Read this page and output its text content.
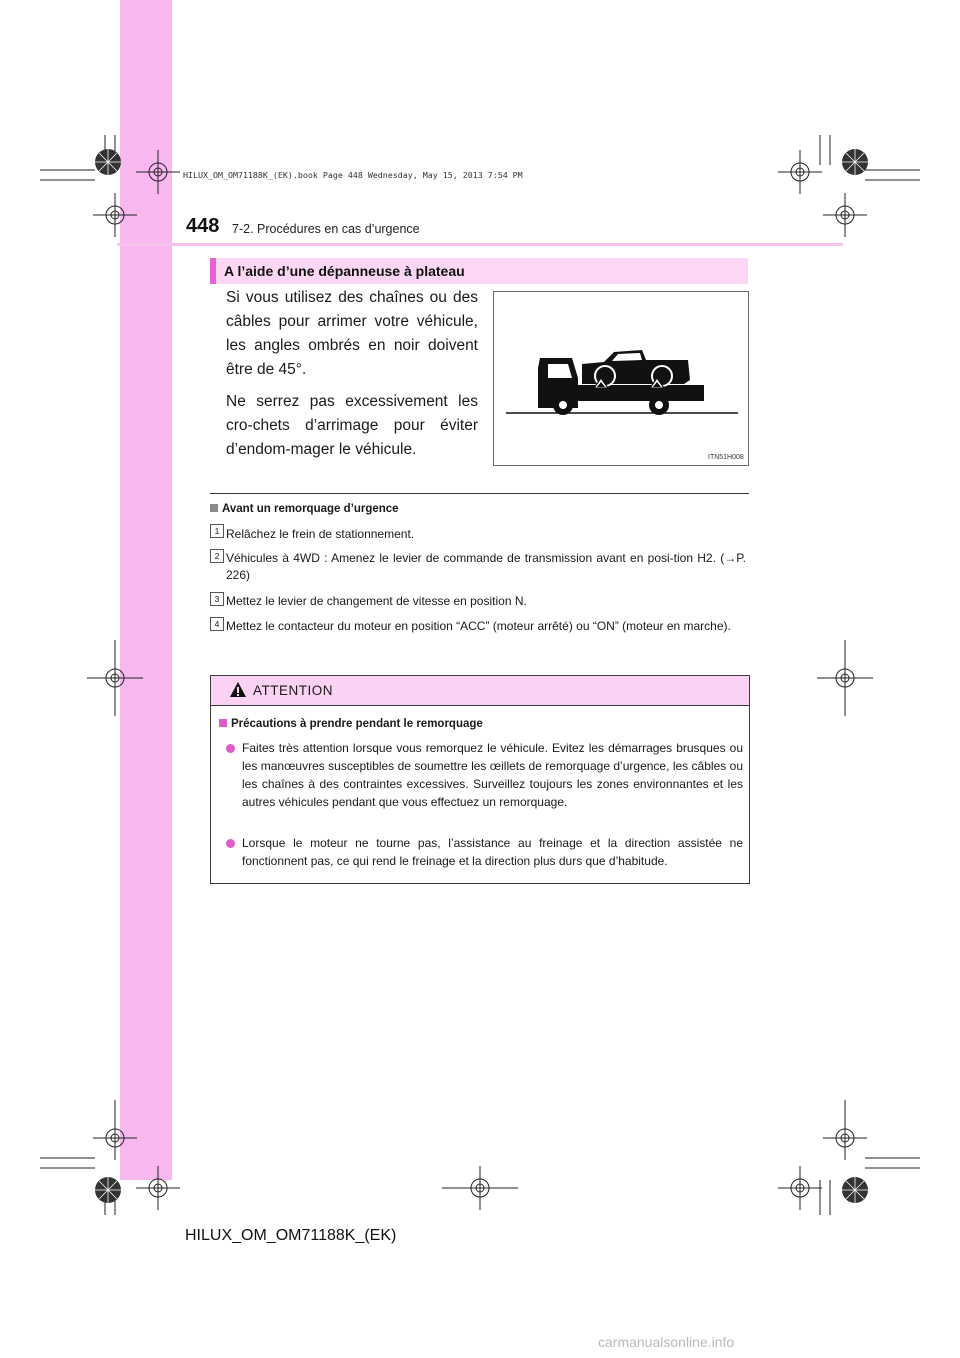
HILUX_OM_OM71188K_(EK).book Page 448 Wednesday, May 15, 2013 7:54 PM
448 7-2. Procédures en cas d’urgence
A l’aide d’une dépanneuse à plateau

Si vous utilisez des chaînes ou des câbles pour arrimer votre véhicule, les angles ombrés en noir doivent être de 45°.

Ne serrez pas excessivement les cro-chets d’arrimage pour éviter d’endom-mager le véhicule.	ITN51H008
Avant un remorquage d’urgence
1 Relâchez le frein de stationnement.
2 Véhicules à 4WD : Amenez le levier de commande de transmission avant en posi-tion H2. (→P. 226)
3 Mettez le levier de changement de vitesse en position N.
4 Mettez le contacteur du moteur en position “ACC” (moteur arrêté) ou “ON” (moteur en marche).
ATTENTION
Précautions à prendre pendant le remorquage
Faites très attention lorsque vous remorquez le véhicule. Evitez les démarrages brusques ou les manœuvres susceptibles de soumettre les œillets de remorquage d’urgence, les câbles ou les chaînes à des contraintes excessives. Surveillez toujours les zones environnantes et les autres véhicules pendant que vous effectuez un remorquage.
Lorsque le moteur ne tourne pas, l’assistance au freinage et la direction assistée ne fonctionnent pas, ce qui rend le freinage et la direction plus durs que d’habitude.
HILUX_OM_OM71188K_(EK)
carmanualsonline.info
